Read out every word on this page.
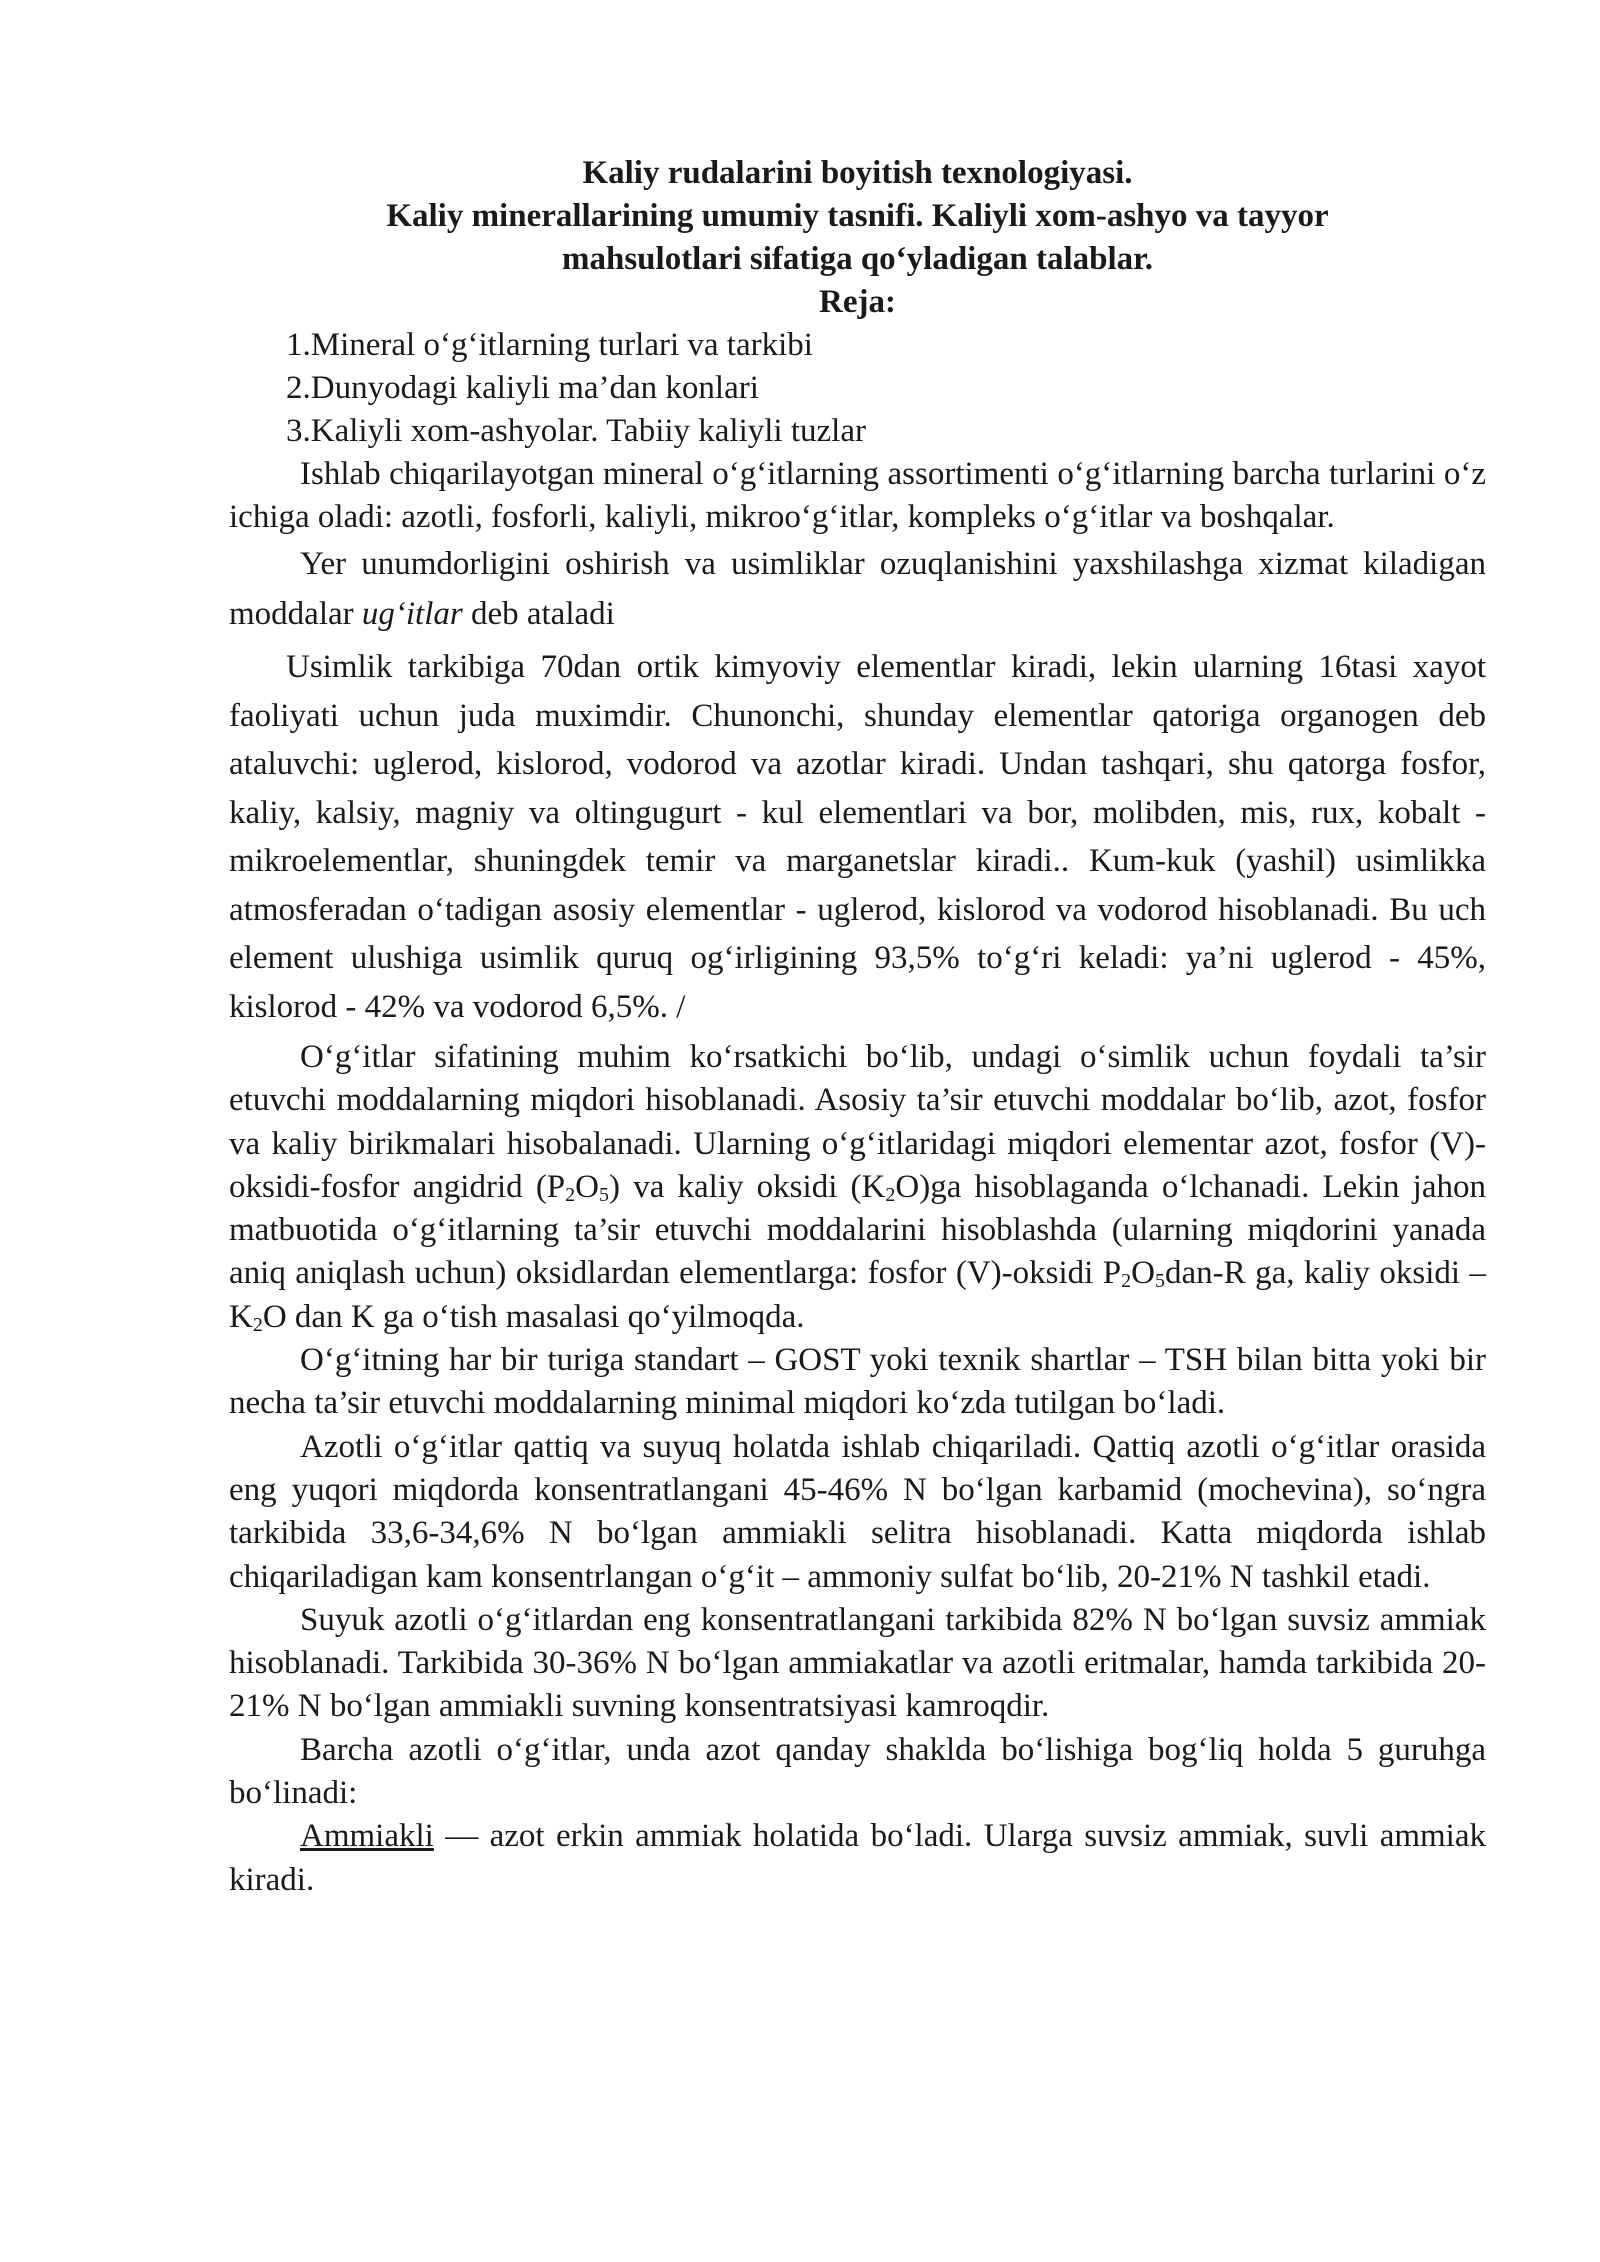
Kaliy rudalarini boyitish texnologiyasi.
Kaliy minerallarining umumiy tasnifi. Kaliyli xom-ashyo va tayyor
mahsulotlari sifatiga qo‘yladigan talablar.
Reja:
1.Mineral o‘g‘itlarning turlari va tarkibi
2.Dunyodagi kaliyli ma’dan konlari
3.Kaliyli xom-ashyolar. Tabiiy kaliyli tuzlar

Ishlab chiqarilayotgan mineral o‘g‘itlarning assortimenti o‘g‘itlarning barcha turlarini o‘z ichiga oladi: azotli, fosforli, kaliyli, mikroo‘g‘itlar, kompleks o‘g‘itlar va boshqalar.

Yer unumdorligini oshirish va usimliklar ozuqlanishini yaxshilashga xizmat kiladigan moddalar ug‘itlar deb ataladi

Usimlik tarkibiga 70dan ortik kimyoviy elementlar kiradi, lekin ularning 16tasi xayot faoliyati uchun juda muximdir. Chunonchi, shunday elementlar qatoriga organogen deb ataluvchi: uglerod, kislorod, vodorod va azotlar kiradi. Undan tashqari, shu qatorga fosfor, kaliy, kalsiy, magniy va oltingugurt - kul elementlari va bor, molibden, mis, rux, kobalt - mikroelementlar, shuningdek temir va marganetslar kiradi.. Kum-kuk (yashil) usimlikka atmosferadan o‘tadigan asosiy elementlar - uglerod, kislorod va vodorod hisoblanadi. Bu uch element ulushiga usimlik quruq og‘irligining 93,5% to‘g‘ri keladi: ya’ni uglerod - 45%, kislorod - 42% va vodorod 6,5%. /

O‘g‘itlar sifatining muhim ko‘rsatkichi bo‘lib, undagi o‘simlik uchun foydali ta’sir etuvchi moddalarning miqdori hisoblanadi. Asosiy ta’sir etuvchi moddalar bo‘lib, azot, fosfor va kaliy birikmalari hisobalanadi. Ularning o‘g‘itlaridagi miqdori elementar azot, fosfor (V)-oksidi-fosfor angidrid $(P_2O_5)$ va kaliy oksidi $(K_2O)ga$ hisoblaganda o‘lchanadi. Lekin jahon matbuotida o‘g‘itlarning ta’sir etuvchi moddalarini hisoblashda (ularning miqdorini yanada aniq aniqlash uchun) oksidlardan elementlarga: fosfor (V)-oksidi $P_2O_5dan-R$ ga, kaliy oksidi – $K_2O$ dan K ga o‘tish masalasi qo‘yilmoqda.

O‘g‘itning har bir turiga standart – GOST yoki texnik shartlar – TSH bilan bitta yoki bir necha ta’sir etuvchi moddalarning minimal miqdori ko‘zda tutilgan bo‘ladi.

Azotli o‘g‘itlar qattiq va suyuq holatda ishlab chiqariladi. Qattiq azotli o‘g‘itlar orasida eng yuqori miqdorda konsentratlangani 45-46% N bo‘lgan karbamid (mochevina), so‘ngra tarkibida 33,6-34,6% N bo‘lgan ammiakli selitra hisoblanadi. Katta miqdorda ishlab chiqariladigan kam konsentrlangan o‘g‘it – ammoniy sulfat bo‘lib, 20-21% N tashkil etadi.

Suyuk azotli o‘g‘itlardan eng konsentratlangani tarkibida 82% N bo‘lgan suvsiz ammiak hisoblanadi. Tarkibida 30-36% N bo‘lgan ammiakatlar va azotli eritmalar, hamda tarkibida 20-21% N bo‘lgan ammiakli suvning konsentratsiyasi kamroqdir.

Barcha azotli o‘g‘itlar, unda azot qanday shaklda bo‘lishiga bog‘liq holda 5 guruhga bo‘linadi:

Ammiakli — azot erkin ammiak holatida bo‘ladi. Ularga suvsiz ammiak, suvli ammiak kiradi.
